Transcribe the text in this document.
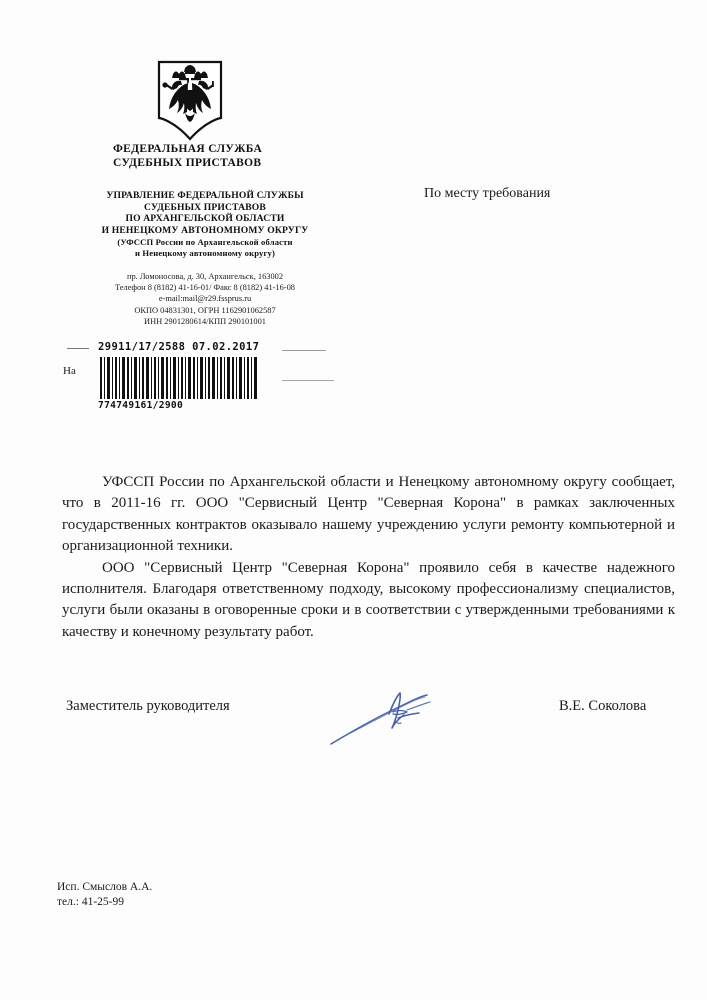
ФЕДЕРАЛЬНАЯ СЛУЖБА
СУДЕБНЫХ ПРИСТАВОВ
УПРАВЛЕНИЕ ФЕДЕРАЛЬНОЙ СЛУЖБЫ
СУДЕБНЫХ ПРИСТАВОВ
ПО АРХАНГЕЛЬСКОЙ ОБЛАСТИ
И НЕНЕЦКОМУ АВТОНОМНОМУ ОКРУГУ
(УФССП России по Архангельской области
и Ненецкому автономному округу)
пр. Ломоносова, д. 30, Архангельск, 163002
Телефон 8 (8182) 41-16-01/ Факс 8 (8182) 41-16-08
e-mail:mail@r29.fssprus.ru
ОКПО 04831301, ОГРН 1162901062587
ИНН 2901280614/КПП 290101001
29911/17/2588 07.02.2017
На
774749161/2900
По месту требования

УФССП России по Архангельской области и Ненецкому автономному округу сообщает, что в 2011-16 гг. ООО "Сервисный Центр "Северная Корона" в рамках заключенных государственных контрактов оказывало нашему учреждению услуги ремонту компьютерной и организационной техники.

ООО "Сервисный Центр "Северная Корона" проявило себя в качестве надежного исполнителя. Благодаря ответственному подходу, высокому профессионализму специалистов, услуги были оказаны в оговоренные сроки и в соответствии с утвержденными требованиями к качеству и конечному результату работ.

Заместитель руководителя	В.Е. Соколова
Исп. Смыслов А.А.
тел.: 41-25-99
